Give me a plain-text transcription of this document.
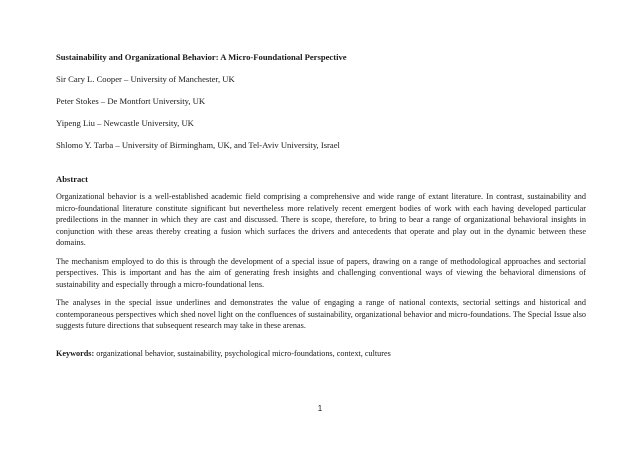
Sustainability and Organizational Behavior: A Micro-Foundational Perspective
Sir Cary L. Cooper – University of Manchester, UK
Peter Stokes – De Montfort University, UK
Yipeng Liu – Newcastle University, UK
Shlomo Y. Tarba – University of Birmingham, UK, and Tel-Aviv University, Israel
Abstract

Organizational behavior is a well-established academic field comprising a comprehensive and wide range of extant literature. In contrast, sustainability and micro-foundational literature constitute significant but nevertheless more relatively recent emergent bodies of work with each having developed particular predilections in the manner in which they are cast and discussed. There is scope, therefore, to bring to bear a range of organizational behavioral insights in conjunction with these areas thereby creating a fusion which surfaces the drivers and antecedents that operate and play out in the dynamic between these domains.

The mechanism employed to do this is through the development of a special issue of papers, drawing on a range of methodological approaches and sectorial perspectives. This is important and has the aim of generating fresh insights and challenging conventional ways of viewing the behavioral dimensions of sustainability and especially through a micro-foundational lens.

The analyses in the special issue underlines and demonstrates the value of engaging a range of national contexts, sectorial settings and historical and contemporaneous perspectives which shed novel light on the confluences of sustainability, organizational behavior and micro-foundations. The Special Issue also suggests future directions that subsequent research may take in these arenas.

Keywords: organizational behavior, sustainability, psychological micro-foundations, context, cultures
1
